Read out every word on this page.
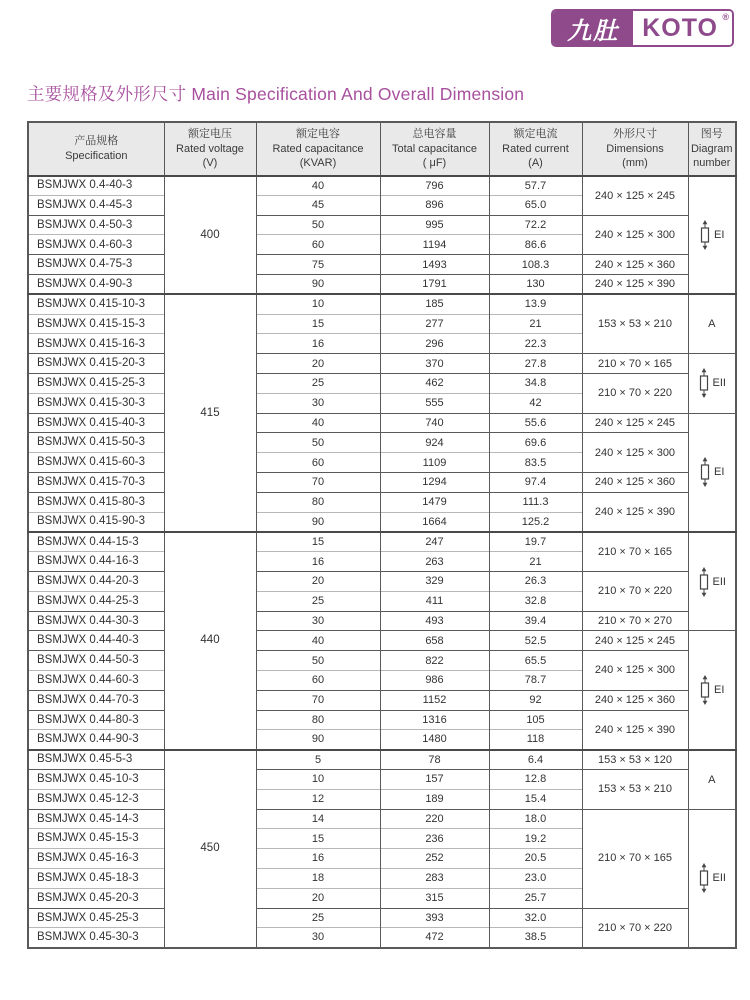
九肚 KOTO ®
主要规格及外形尺寸 Main Specification And Overall Dimension
产品规格
Specification

额定电压
Rated voltage
(V)

额定电容
Rated capacitance
(KVAR)

总电容量
Total capacitance
( μF)

额定电流
Rated current
(A)

外形尺寸
Dimensions
(mm)

图号
Diagram
number

BSMJWX 0.4-40-3	400	40	796	57.7	240 × 125 × 245	EI

BSMJWX 0.4-45-3		45	896	65.0		
BSMJWX 0.4-50-3		50	995	72.2	240 × 125 × 300	
BSMJWX 0.4-60-3		60	1194	86.6		
BSMJWX 0.4-75-3		75	1493	108.3	240 × 125 × 360	
BSMJWX 0.4-90-3		90	1791	130	240 × 125 × 390	
BSMJWX 0.415-10-3	415	10	185	13.9	153 × 53 × 210	A

BSMJWX 0.415-15-3		15	277	21		
BSMJWX 0.415-16-3		16	296	22.3		
BSMJWX 0.415-20-3		20	370	27.8	210 × 70 × 165	EII

BSMJWX 0.415-25-3		25	462	34.8	210 × 70 × 220	
BSMJWX 0.415-30-3		30	555	42		
BSMJWX 0.415-40-3		40	740	55.6	240 × 125 × 245	EI

BSMJWX 0.415-50-3		50	924	69.6	240 × 125 × 300	
BSMJWX 0.415-60-3		60	1109	83.5		
BSMJWX 0.415-70-3		70	1294	97.4	240 × 125 × 360	
BSMJWX 0.415-80-3		80	1479	111.3	240 × 125 × 390	
BSMJWX 0.415-90-3		90	1664	125.2		
BSMJWX 0.44-15-3	440	15	247	19.7	210 × 70 × 165	EII

BSMJWX 0.44-16-3		16	263	21		
BSMJWX 0.44-20-3		20	329	26.3	210 × 70 × 220	
BSMJWX 0.44-25-3		25	411	32.8		
BSMJWX 0.44-30-3		30	493	39.4	210 × 70 × 270	
BSMJWX 0.44-40-3		40	658	52.5	240 × 125 × 245	EI

BSMJWX 0.44-50-3		50	822	65.5	240 × 125 × 300	
BSMJWX 0.44-60-3		60	986	78.7		
BSMJWX 0.44-70-3		70	1152	92	240 × 125 × 360	
BSMJWX 0.44-80-3		80	1316	105	240 × 125 × 390	
BSMJWX 0.44-90-3		90	1480	118		
BSMJWX 0.45-5-3	450	5	78	6.4	153 × 53 × 120	A

BSMJWX 0.45-10-3		10	157	12.8	153 × 53 × 210	
BSMJWX 0.45-12-3		12	189	15.4		
BSMJWX 0.45-14-3		14	220	18.0	210 × 70 × 165	EII

BSMJWX 0.45-15-3		15	236	19.2		
BSMJWX 0.45-16-3		16	252	20.5		
BSMJWX 0.45-18-3		18	283	23.0		
BSMJWX 0.45-20-3		20	315	25.7		
BSMJWX 0.45-25-3		25	393	32.0	210 × 70 × 220	
BSMJWX 0.45-30-3		30	472	38.5		
